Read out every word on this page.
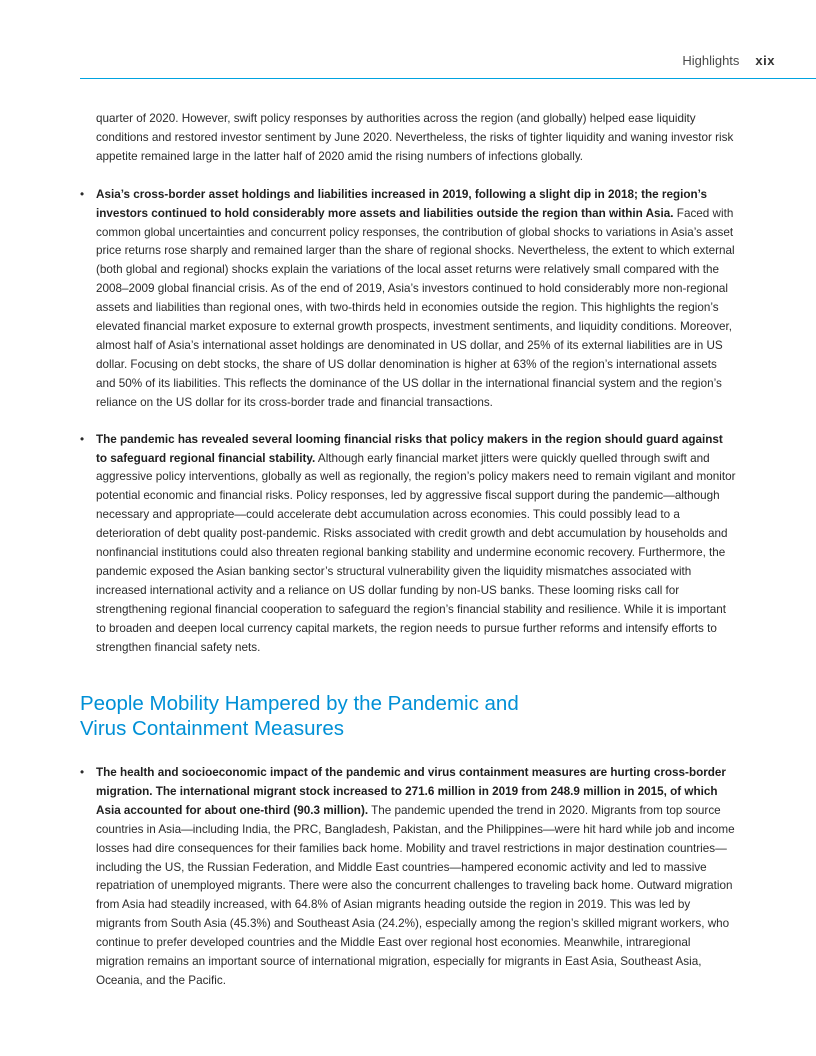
Highlights xix

quarter of 2020. However, swift policy responses by authorities across the region (and globally) helped ease liquidity conditions and restored investor sentiment by June 2020. Nevertheless, the risks of tighter liquidity and waning investor risk appetite remained large in the latter half of 2020 amid the rising numbers of infections globally.

• Asia’s cross-border asset holdings and liabilities increased in 2019, following a slight dip in 2018; the region’s investors continued to hold considerably more assets and liabilities outside the region than within Asia. Faced with common global uncertainties and concurrent policy responses, the contribution of global shocks to variations in Asia’s asset price returns rose sharply and remained larger than the share of regional shocks. Nevertheless, the extent to which external (both global and regional) shocks explain the variations of the local asset returns were relatively small compared with the 2008–2009 global financial crisis. As of the end of 2019, Asia’s investors continued to hold considerably more non-regional assets and liabilities than regional ones, with two-thirds held in economies outside the region. This highlights the region’s elevated financial market exposure to external growth prospects, investment sentiments, and liquidity conditions. Moreover, almost half of Asia’s international asset holdings are denominated in US dollar, and 25% of its external liabilities are in US dollar. Focusing on debt stocks, the share of US dollar denomination is higher at 63% of the region’s international assets and 50% of its liabilities. This reflects the dominance of the US dollar in the international financial system and the region’s reliance on the US dollar for its cross-border trade and financial transactions.

• The pandemic has revealed several looming financial risks that policy makers in the region should guard against to safeguard regional financial stability. Although early financial market jitters were quickly quelled through swift and aggressive policy interventions, globally as well as regionally, the region’s policy makers need to remain vigilant and monitor potential economic and financial risks. Policy responses, led by aggressive fiscal support during the pandemic—although necessary and appropriate—could accelerate debt accumulation across economies. This could possibly lead to a deterioration of debt quality post-pandemic. Risks associated with credit growth and debt accumulation by households and nonfinancial institutions could also threaten regional banking stability and undermine economic recovery. Furthermore, the pandemic exposed the Asian banking sector’s structural vulnerability given the liquidity mismatches associated with increased international activity and a reliance on US dollar funding by non-US banks. These looming risks call for strengthening regional financial cooperation to safeguard the region’s financial stability and resilience. While it is important to broaden and deepen local currency capital markets, the region needs to pursue further reforms and intensify efforts to strengthen financial safety nets.

People Mobility Hampered by the Pandemic and
Virus Containment Measures
• The health and socioeconomic impact of the pandemic and virus containment measures are hurting cross-border migration. The international migrant stock increased to 271.6 million in 2019 from 248.9 million in 2015, of which Asia accounted for about one-third (90.3 million). The pandemic upended the trend in 2020. Migrants from top source countries in Asia—including India, the PRC, Bangladesh, Pakistan, and the Philippines—were hit hard while job and income losses had dire consequences for their families back home. Mobility and travel restrictions in major destination countries—including the US, the Russian Federation, and Middle East countries—hampered economic activity and led to massive repatriation of unemployed migrants. There were also the concurrent challenges to traveling back home. Outward migration from Asia had steadily increased, with 64.8% of Asian migrants heading outside the region in 2019. This was led by migrants from South Asia (45.3%) and Southeast Asia (24.2%), especially among the region’s skilled migrant workers, who continue to prefer developed countries and the Middle East over regional host economies. Meanwhile, intraregional migration remains an important source of international migration, especially for migrants in East Asia, Southeast Asia, Oceania, and the Pacific.
